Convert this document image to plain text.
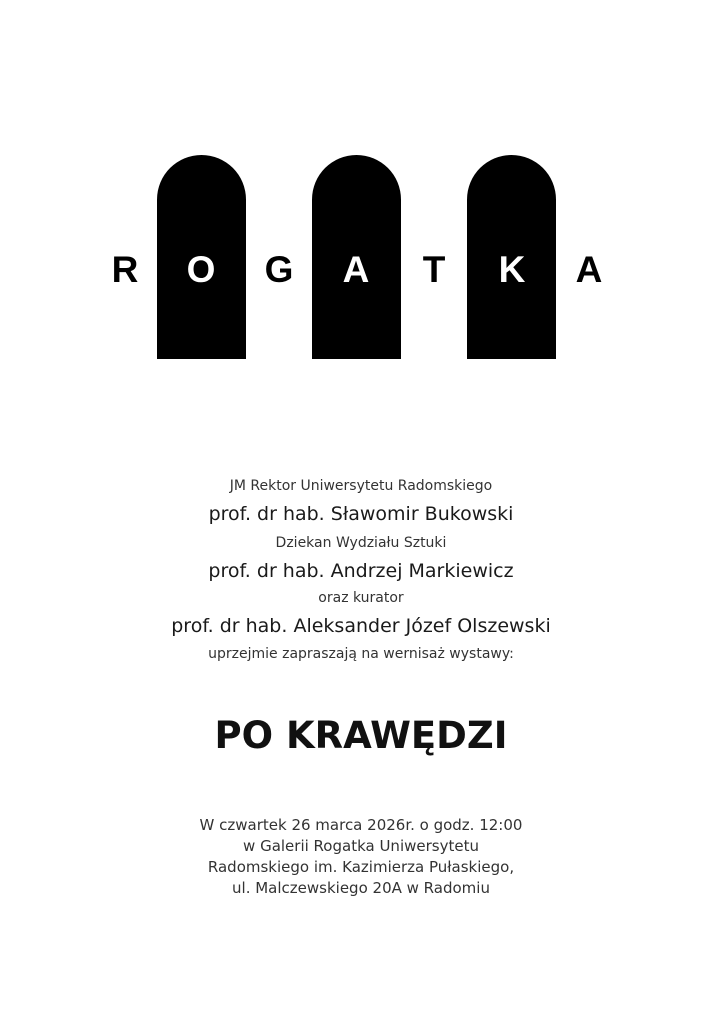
R O G A T K A
JM Rektor Uniwersytetu Radomskiego
prof. dr hab. Sławomir Bukowski
Dziekan Wydziału Sztuki
prof. dr hab. Andrzej Markiewicz
oraz kurator
prof. dr hab. Aleksander Józef Olszewski
uprzejmie zapraszają na wernisaż wystawy:
PO KRAWĘDZI
W czwartek 26 marca 2026r. o godz. 12:00
w Galerii Rogatka Uniwersytetu
Radomskiego im. Kazimierza Pułaskiego,
ul. Malczewskiego 20A w Radomiu
